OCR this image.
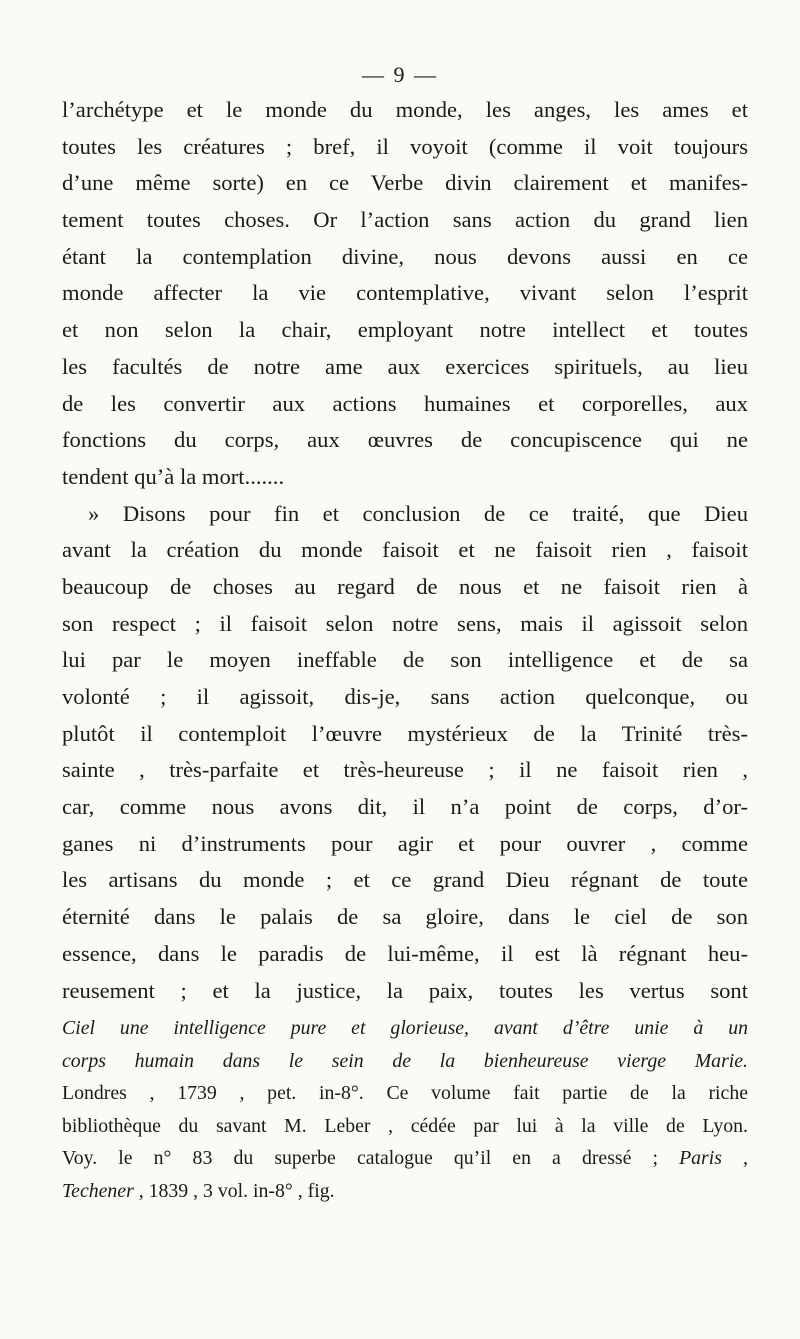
— 9 —
l’archétype et le monde du monde, les anges, les ames et
toutes les créatures ; bref, il voyoit (comme il voit toujours
d’une même sorte) en ce Verbe divin clairement et manifes-
tement toutes choses. Or l’action sans action du grand lien
étant la contemplation divine, nous devons aussi en ce
monde affecter la vie contemplative, vivant selon l’esprit
et non selon la chair, employant notre intellect et toutes
les facultés de notre ame aux exercices spirituels, au lieu
de les convertir aux actions humaines et corporelles, aux
fonctions du corps, aux œuvres de concupiscence qui ne
tendent qu’à la mort.......
» Disons pour fin et conclusion de ce traité, que Dieu
avant la création du monde faisoit et ne faisoit rien , faisoit
beaucoup de choses au regard de nous et ne faisoit rien à
son respect ; il faisoit selon notre sens, mais il agissoit selon
lui par le moyen ineffable de son intelligence et de sa
volonté ; il agissoit, dis-je, sans action quelconque, ou
plutôt il contemploit l’œuvre mystérieux de la Trinité très-
sainte , très-parfaite et très-heureuse ; il ne faisoit rien ,
car, comme nous avons dit, il n’a point de corps, d’or-
ganes ni d’instruments pour agir et pour ouvrer , comme
les artisans du monde ; et ce grand Dieu régnant de toute
éternité dans le palais de sa gloire, dans le ciel de son
essence, dans le paradis de lui-même, il est là régnant heu-
reusement ; et la justice, la paix, toutes les vertus sont
Ciel une intelligence pure et glorieuse, avant d’être unie à un
corps humain dans le sein de la bienheureuse vierge Marie.
Londres , 1739 , pet. in-8°. Ce volume fait partie de la riche
bibliothèque du savant M. Leber , cédée par lui à la ville de Lyon.
Voy. le n° 83 du superbe catalogue qu’il en a dressé ; Paris ,
Techener , 1839 , 3 vol. in-8° , fig.
